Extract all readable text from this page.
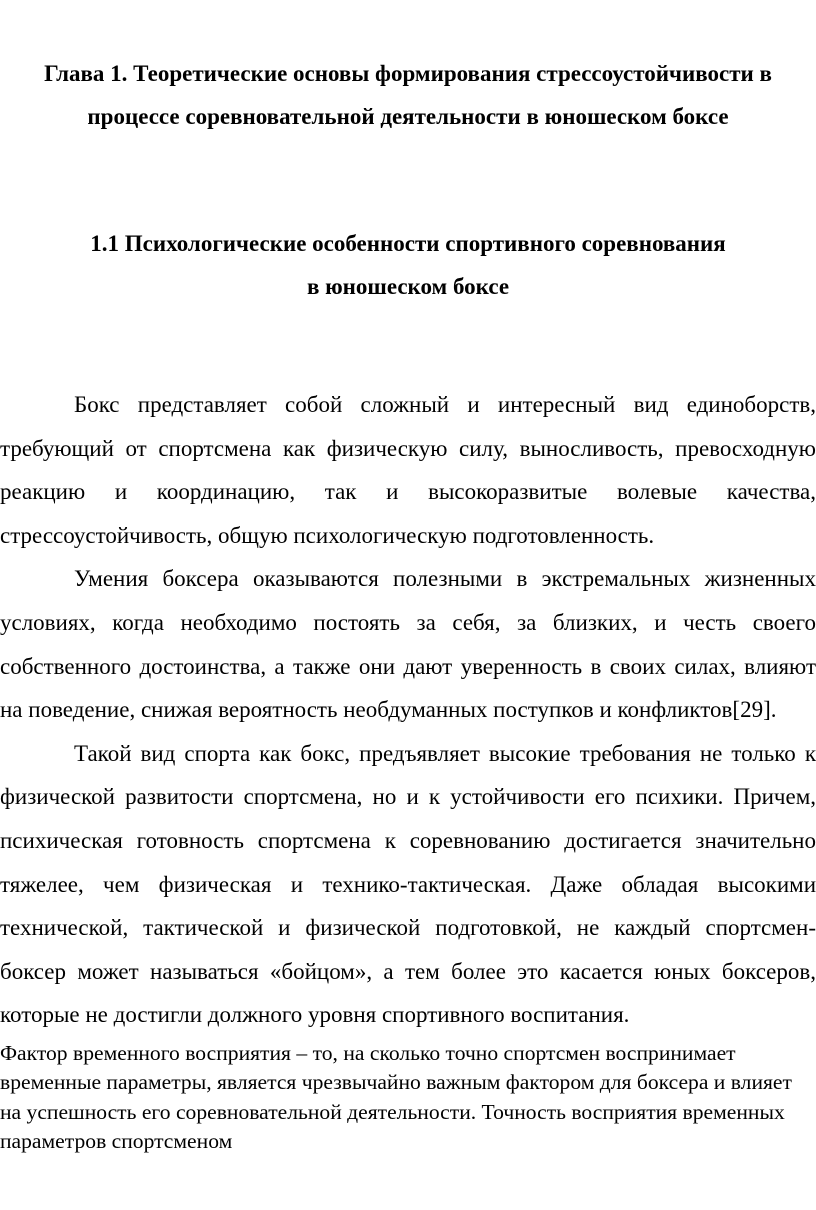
Глава 1. Теоретические основы формирования стрессоустойчивости в процессе соревновательной деятельности в юношеском боксе
1.1 Психологические особенности спортивного соревнования в юношеском боксе

Бокс представляет собой сложный и интересный вид единоборств, требующий от спортсмена как физическую силу, выносливость, превосходную реакцию и координацию, так и высокоразвитые волевые качества, стрессоустойчивость, общую психологическую подготовленность.

Умения боксера оказываются полезными в экстремальных жизненных условиях, когда необходимо постоять за себя, за близких, и честь своего собственного достоинства, а также они дают уверенность в своих силах, влияют на поведение, снижая вероятность необдуманных поступков и конфликтов[29].

Такой вид спорта как бокс, предъявляет высокие требования не только к физической развитости спортсмена, но и к устойчивости его психики. Причем, психическая готовность спортсмена к соревнованию достигается значительно тяжелее, чем физическая и технико-тактическая. Даже обладая высокими технической, тактической и физической подготовкой, не каждый спортсмен-боксер может называться «бойцом», а тем более это касается юных боксеров, которые не достигли должного уровня спортивного воспитания.

Фактор временного восприятия – то, на сколько точно спортсмен воспринимает временные параметры, является чрезвычайно важным фактором для боксера и влияет на успешность его соревновательной деятельности. Точность восприятия временных параметров спортсменом
